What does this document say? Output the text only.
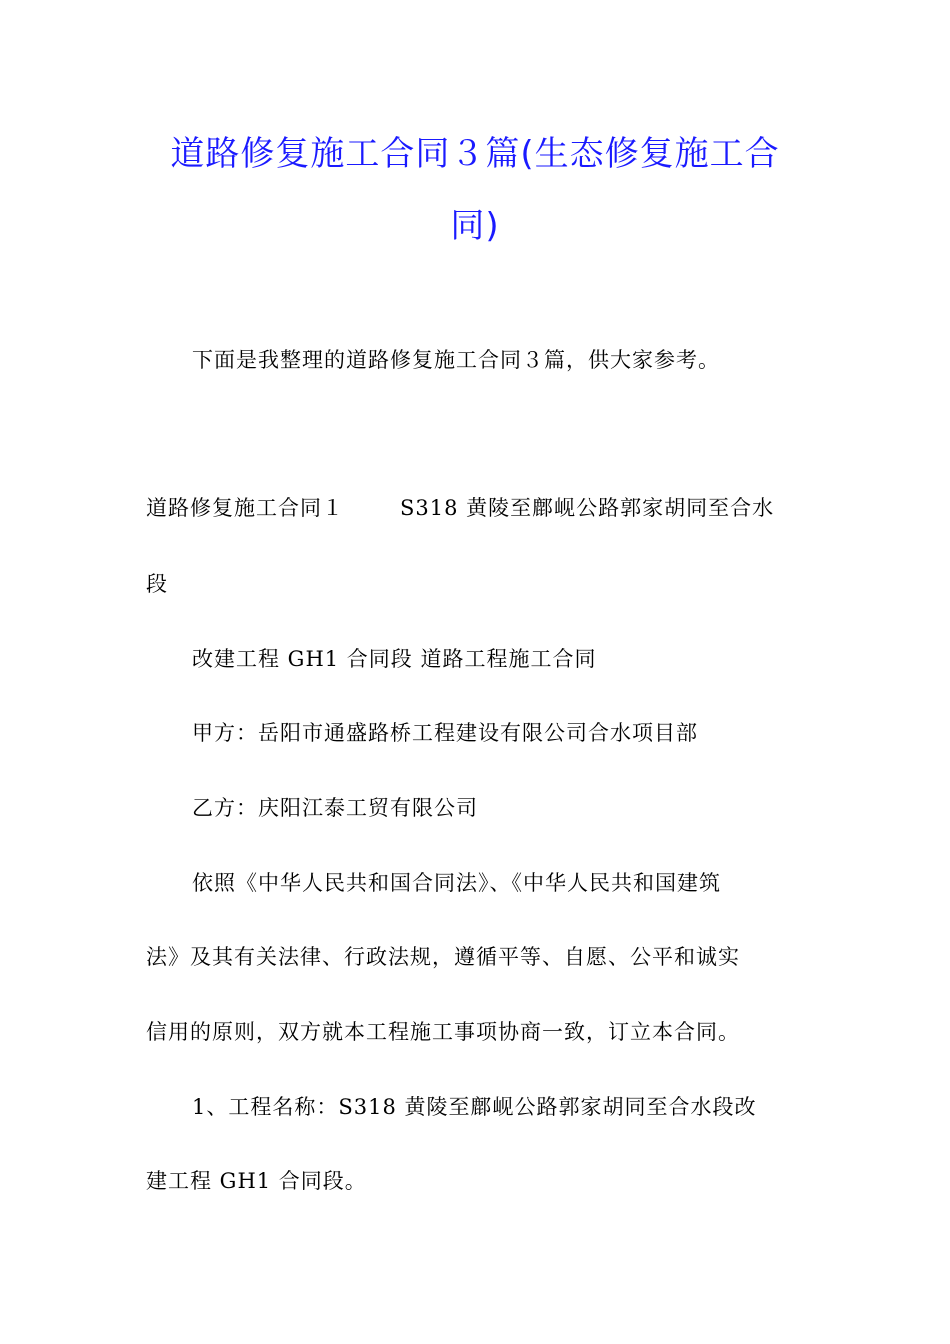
道路修复施工合同３篇(生态修复施工合
同)
下面是我整理的道路修复施工合同３篇，供大家参考。
道路修复施工合同１	S318 黄陵至鄜岘公路郭家胡同至合水
段
改建工程 GH1 合同段 道路工程施工合同
甲方：岳阳市通盛路桥工程建设有限公司合水项目部
乙方：庆阳江泰工贸有限公司
依照《中华人民共和国合同法》、《中华人民共和国建筑
法》及其有关法律、行政法规，遵循平等、自愿、公平和诚实
信用的原则，双方就本工程施工事项协商一致，订立本合同。
1、工程名称：S318 黄陵至鄜岘公路郭家胡同至合水段改
建工程 GH1 合同段。
